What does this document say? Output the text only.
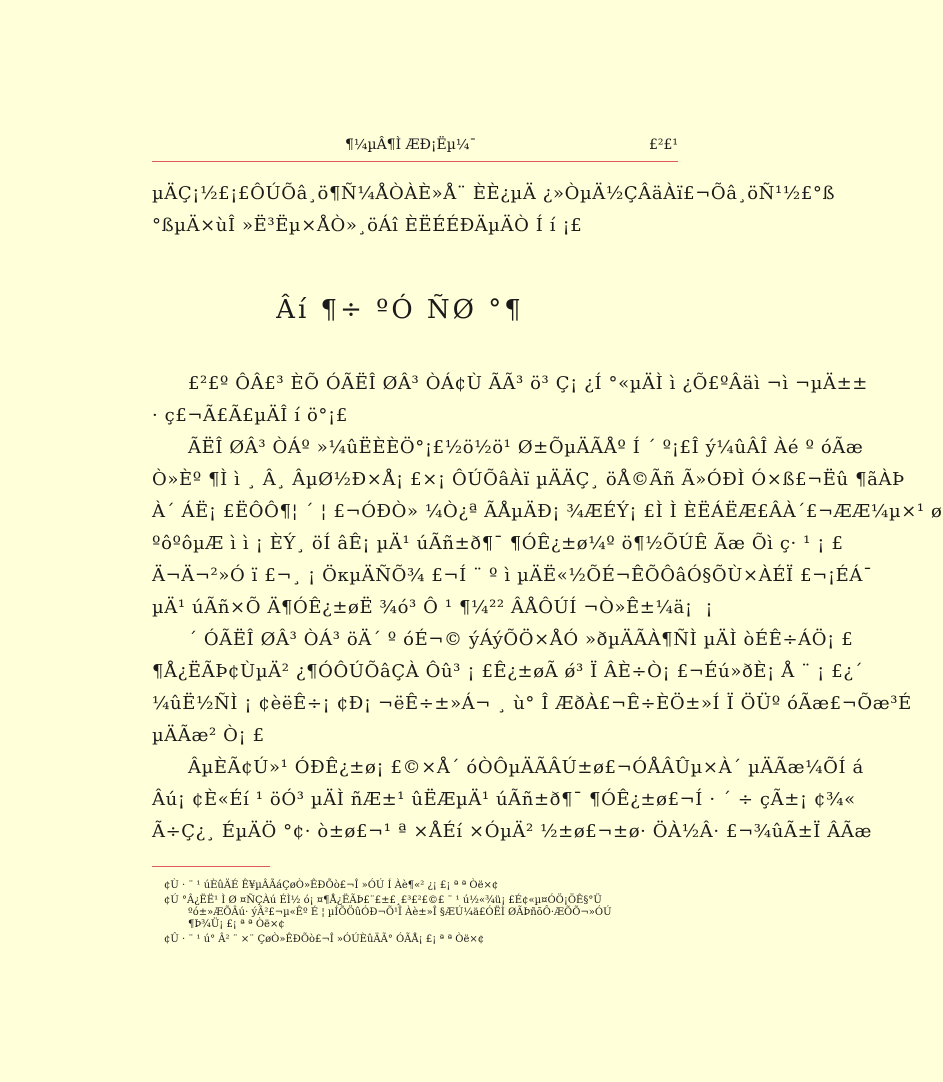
¶¼µÂ¶Ì ÆÐ¡Ëµ¼¯	£²£¹
µÄÇ¡½£¡£ÔÚÕâ¸ö¶Ñ¼ÅÒÀÈ»Å¨ ÈÈ¿µÄ ¿»ÒµÄ½ÇÂäÀï£¬Õâ¸öÑ¹½£°ß
°ßµÄ×ùÎ »Ë³Ëµ×ÅÒ»¸öÁî ÈËÉÉÐÄµÄÒ Í í ¡£
Âí ¶÷ ºÓ ÑØ °¶
£²£º ÔÂ£³ ÈÕ ÓÃËÎ ØÂ³ ÒÁ¢Ù ÃÃ³ ö³ Ç¡ ¿Í °«µÄÌ ì ¿Õ£ºÂäì ¬ì ¬µÄ±±
· ç£¬Ã£Ã£µÄÎ í ö°¡£
ÃËÎ ØÂ³ ÒÁº »¼ûËÈÈÖ°¡£½ö½ö¹ Ø±ÕµÄÃÅº Í ´ º¡£Î ý¼ûÂÎ Àé º óÃæ
Ò»Èº ¶Ì ì ¸ Â¸ ÂµØ½Ð×Å¡ £×¡ ÔÚÕâÀï µÄÄÇ¸ öÅ©Ãñ Ã»ÓÐÌ Ó×ß£¬Ëû ¶ãÀÞ
À´ ÁË¡ £ËÔÔ¶¦ ´ ¦ £¬ÓÐÒ» ¼Ò¿ª ÃÅµÄÐ¡ ¾ÆÉÝ¡ £Ì Ì ÈËÁËÆ£ÂÀ´£¬ÆÆ¼µ×¹ ø
ºôºôµÆ ì ì ¡ ÈÝ¸ öÍ âÊ¡ µÄ¹ úÃñ±ð¶¯ ¶ÓÊ¿±ø¼º ö¶½ÕÚÊ Ãæ Õì ç· ¹ ¡ £
Ä¬Ä¬²»Ó ï £¬¸ ¡ ÖкµÄÑÕ¾ £¬Í ¨ º ì µÄË«½ÕÉ¬ÊÕÔâÓ§ÕÙ×ÀÉÏ £¬¡ÉÁ¯
µÄ¹ úÃñ×Õ Ä¶ÓÊ¿±øË ¾ó³ Ô ¹ ¶¼²² ÂÅÔÚÍ ¬Ò»Ê±¼ä¡ ¡
´ ÓÃËÎ ØÂ³ ÒÁ³ öÄ´ º óÉ¬© ýÁýÕÖ×ÅÓ »ðµÄÃÀ¶ÑÌ µÄÌ òÉÊ÷ÁÖ¡ £
¶Å¿ËÃÞ¢ÙµÄ² ¿¶ÓÔÚÕâÇÀ Ôû³ ¡ £Ê¿±øÃ ǿ³ Ï ÂÈ÷Ò¡ £¬Éú»ðÈ¡ Å ¨ ¡ £¿´
¼ûË½ÑÌ ¡ ¢èëÊ÷¡ ¢Ð¡ ¬ëÊ÷±»Á¬ ¸ ù° Î ÆðÀ£¬Ê÷ÈÖ±»Í Ï ÖÜº óÃæ£¬Õæ³É
µÄÃæ² Ò¡ £
ÂµÈÃ¢Ú»¹ ÓÐÊ¿±ø¡ £©×Å´ óÒÔµÄÃÂÚ±ø£¬ÓÅÂÛµ×À´ µÄÃæ¼ÕÍ á
Âú¡ ¢È«Éí ¹ öÓ³ µÄÌ ñÆ±¹ ûËÆµÄ¹ úÃñ±ð¶¯ ¶ÓÊ¿±ø£¬Í · ´ ÷ çÃ±¡ ¢¾«
Ã÷Ç¿¸ ÉµÄÖ °¢· ò±ø£¬¹ ª ×ÅÉí ×ÓµÄ² ½±ø£¬±ø· ÖÀ½Â· £¬¾ûÃ±Ï ÂÃæ
¢Ù · ¨ ¹ úÈûÄÉ Ê¥µÂÃáÇøÒ»ÊÐÕò£¬Î »ÓÚ Í Àè¶«² ¿¡ £¡ ª ª Òë×¢
¢Ú °Â¿ËË¹ Ì Ø ¤ÑÇÀú ÉÌ½ ó¡ ¤¶Å¿ËÃÞ£¨£±£¸£³£²£©£ ¨ ¹ ú½«¾ü¡ £É¢«µ¤ÓÖ¡ÖÊ§°Ü
ºó±»ÆÕÂú· ýÂ²£¬µ«Êº É ¦ µÍÕÖûÓÐ¬Õ¹Î Àè±»Î §ÆÚ¼ä£ÓËÌ ØÃÞñõÔ·ÆÕÕ¬»ÓÚ
¶Þ¾Ü¡ £¡ ª ª Òë×¢
¢Û · ¨ ¹ ú° Â² ¨ ×¨ ÇøÒ»ÊÐÕò£¬Î »ÓÚÈûÄÃ° ÓÃÅ¡ £¡ ª ª Òë×¢
